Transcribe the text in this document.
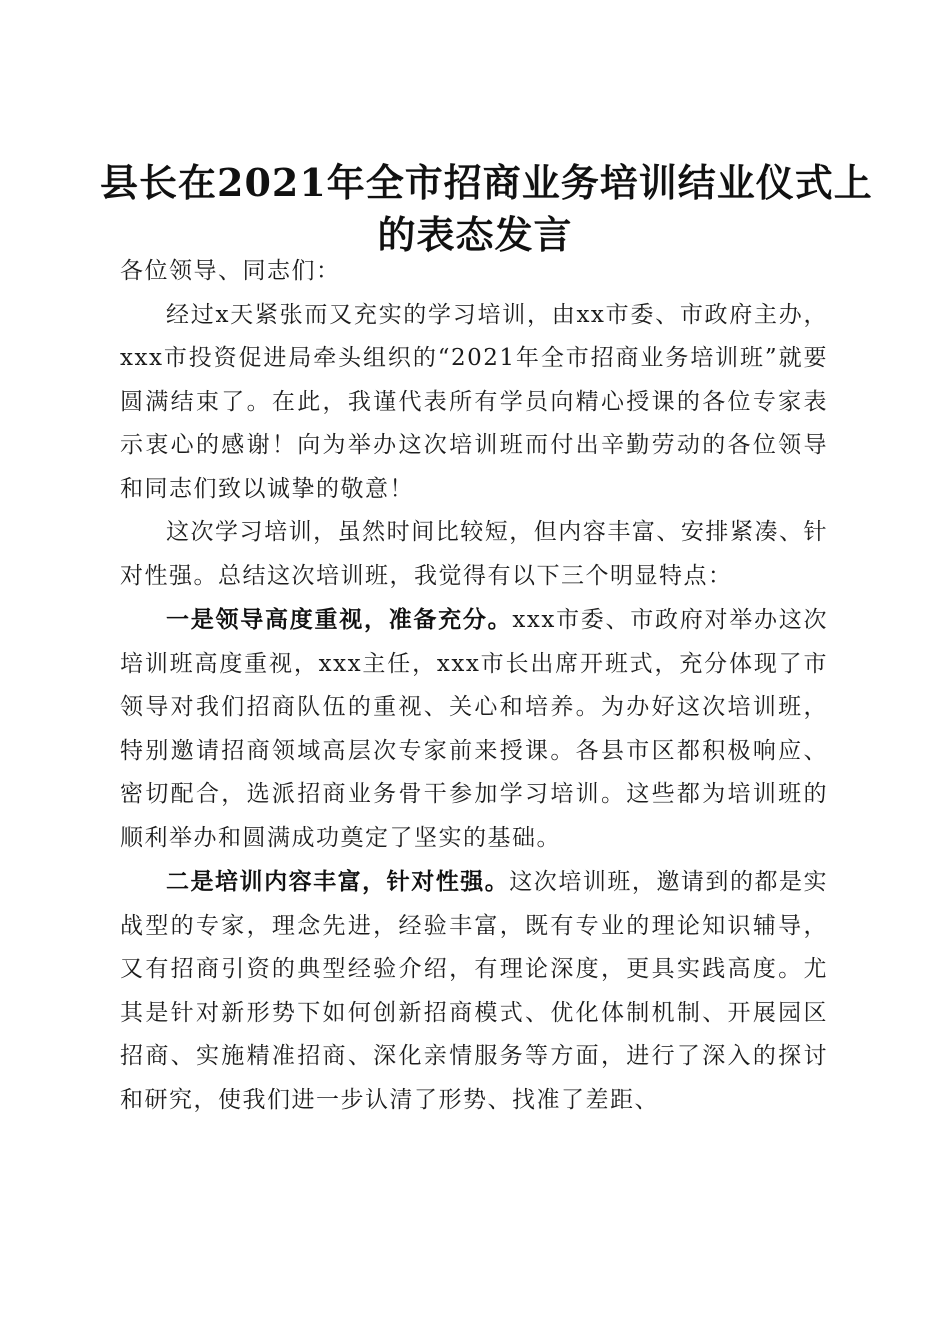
县长在2021年全市招商业务培训结业仪式上
的表态发言

各位领导、同志们：

经过x天紧张而又充实的学习培训，由xx市委、市政府主办，xxx市投资促进局牵头组织的“2021年全市招商业务培训班”就要圆满结束了。在此，我谨代表所有学员向精心授课的各位专家表示衷心的感谢！向为举办这次培训班而付出辛勤劳动的各位领导和同志们致以诚挚的敬意！

这次学习培训，虽然时间比较短，但内容丰富、安排紧凑、针对性强。总结这次培训班，我觉得有以下三个明显特点：

一是领导高度重视，准备充分。xxx市委、市政府对举办这次培训班高度重视，xxx主任，xxx市长出席开班式，充分体现了市领导对我们招商队伍的重视、关心和培养。为办好这次培训班，特别邀请招商领域高层次专家前来授课。各县市区都积极响应、密切配合，选派招商业务骨干参加学习培训。这些都为培训班的顺利举办和圆满成功奠定了坚实的基础。

二是培训内容丰富，针对性强。这次培训班，邀请到的都是实战型的专家，理念先进，经验丰富，既有专业的理论知识辅导，又有招商引资的典型经验介绍，有理论深度，更具实践高度。尤其是针对新形势下如何创新招商模式、优化体制机制、开展园区招商、实施精准招商、深化亲情服务等方面，进行了深入的探讨和研究，使我们进一步认清了形势、找准了差距、
